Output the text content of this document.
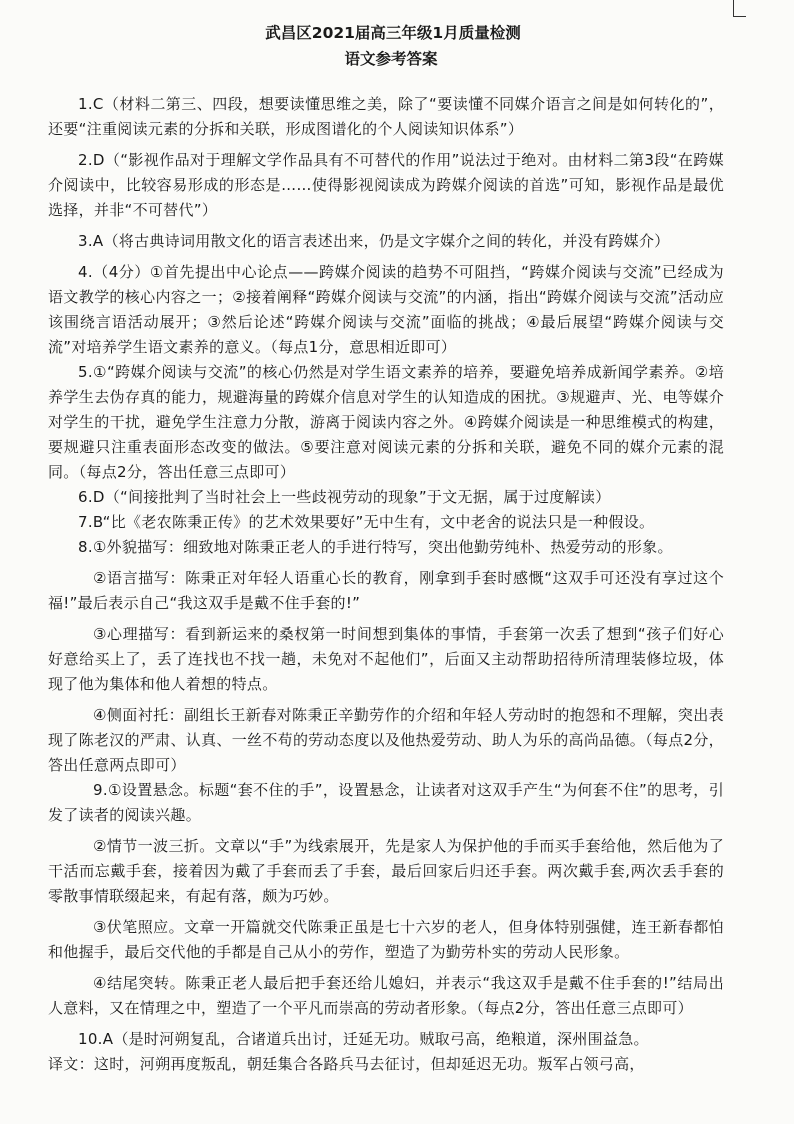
武昌区2021届高三年级1月质量检测
语文参考答案

1.C（材料二第三、四段，想要读懂思维之美，除了“要读懂不同媒介语言之间是如何转化的”，还要“注重阅读元素的分拆和关联，形成图谱化的个人阅读知识体系”）

2.D（“影视作品对于理解文学作品具有不可替代的作用”说法过于绝对。由材料二第3段“在跨媒介阅读中，比较容易形成的形态是……使得影视阅读成为跨媒介阅读的首选”可知，影视作品是最优选择，并非“不可替代”）

3.A（将古典诗词用散文化的语言表述出来，仍是文字媒介之间的转化，并没有跨媒介）

4.（4分）①首先提出中心论点——跨媒介阅读的趋势不可阻挡，“跨媒介阅读与交流”已经成为语文教学的核心内容之一；②接着阐释“跨媒介阅读与交流”的内涵，指出“跨媒介阅读与交流”活动应该围绕言语活动展开；③然后论述“跨媒介阅读与交流”面临的挑战；④最后展望“跨媒介阅读与交流”对培养学生语文素养的意义。（每点1分，意思相近即可）

5.①“跨媒介阅读与交流”的核心仍然是对学生语文素养的培养，要避免培养成新闻学素养。②培养学生去伪存真的能力，规避海量的跨媒介信息对学生的认知造成的困扰。③规避声、光、电等媒介对学生的干扰，避免学生注意力分散，游离于阅读内容之外。④跨媒介阅读是一种思维模式的构建，要规避只注重表面形态改变的做法。⑤要注意对阅读元素的分拆和关联，避免不同的媒介元素的混同。（每点2分，答出任意三点即可）

6.D（“间接批判了当时社会上一些歧视劳动的现象”于文无据，属于过度解读）

7.B“比《老农陈秉正传》的艺术效果要好”无中生有，文中老舍的说法只是一种假设。

8.①外貌描写：细致地对陈秉正老人的手进行特写，突出他勤劳纯朴、热爱劳动的形象。

②语言描写：陈秉正对年轻人语重心长的教育，刚拿到手套时感慨“这双手可还没有享过这个福!”最后表示自己“我这双手是戴不住手套的!”

③心理描写：看到新运来的桑杈第一时间想到集体的事情，手套第一次丢了想到“孩子们好心好意给买上了，丢了连找也不找一趟，未免对不起他们”，后面又主动帮助招待所清理装修垃圾，体现了他为集体和他人着想的特点。

④侧面衬托：副组长王新春对陈秉正辛勤劳作的介绍和年轻人劳动时的抱怨和不理解，突出表现了陈老汉的严肃、认真、一丝不苟的劳动态度以及他热爱劳动、助人为乐的高尚品德。（每点2分，答出任意两点即可）

9.①设置悬念。标题“套不住的手”，设置悬念，让读者对这双手产生“为何套不住”的思考，引发了读者的阅读兴趣。

②情节一波三折。文章以“手”为线索展开，先是家人为保护他的手而买手套给他，然后他为了干活而忘戴手套，接着因为戴了手套而丢了手套，最后回家后归还手套。两次戴手套,两次丢手套的零散事情联缀起来，有起有落，颇为巧妙。

③伏笔照应。文章一开篇就交代陈秉正虽是七十六岁的老人，但身体特别强健，连王新春都怕和他握手，最后交代他的手都是自己从小的劳作，塑造了为勤劳朴实的劳动人民形象。

④结尾突转。陈秉正老人最后把手套还给儿媳妇，并表示“我这双手是戴不住手套的!”结局出人意料，又在情理之中，塑造了一个平凡而崇高的劳动者形象。（每点2分，答出任意三点即可）

10.A（是时河朔复乱，合诸道兵出讨，迁延无功。贼取弓高，绝粮道，深州围益急。

译文：这时，河朔再度叛乱，朝廷集合各路兵马去征讨，但却延迟无功。叛军占领弓高，
